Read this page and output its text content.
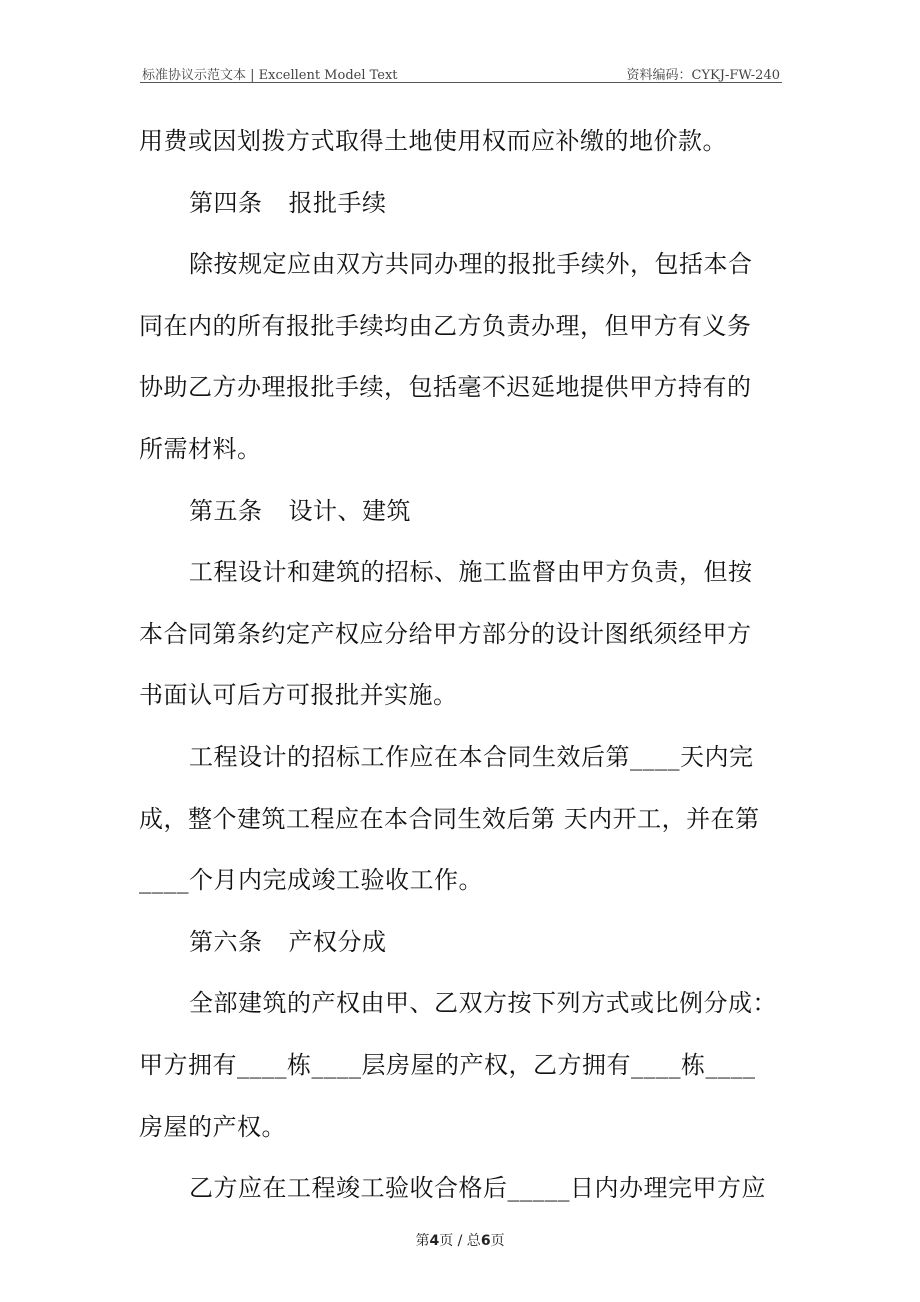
标准协议示范文本 | Excellent Model Text	资料编码：CYKJ-FW-240
用费或因划拨方式取得土地使用权而应补缴的地价款。
第四条 报批手续
除按规定应由双方共同办理的报批手续外，包括本合
同在内的所有报批手续均由乙方负责办理，但甲方有义务
协助乙方办理报批手续，包括毫不迟延地提供甲方持有的
所需材料。
第五条 设计、建筑
工程设计和建筑的招标、施工监督由甲方负责，但按
本合同第条约定产权应分给甲方部分的设计图纸须经甲方
书面认可后方可报批并实施。
工程设计的招标工作应在本合同生效后第____天内完
成，整个建筑工程应在本合同生效后第 天内开工，并在第
____个月内完成竣工验收工作。
第六条 产权分成
全部建筑的产权由甲、乙双方按下列方式或比例分成：
甲方拥有____栋____层房屋的产权，乙方拥有____栋____
房屋的产权。
乙方应在工程竣工验收合格后_____日内办理完甲方应
第4页 / 总6页
